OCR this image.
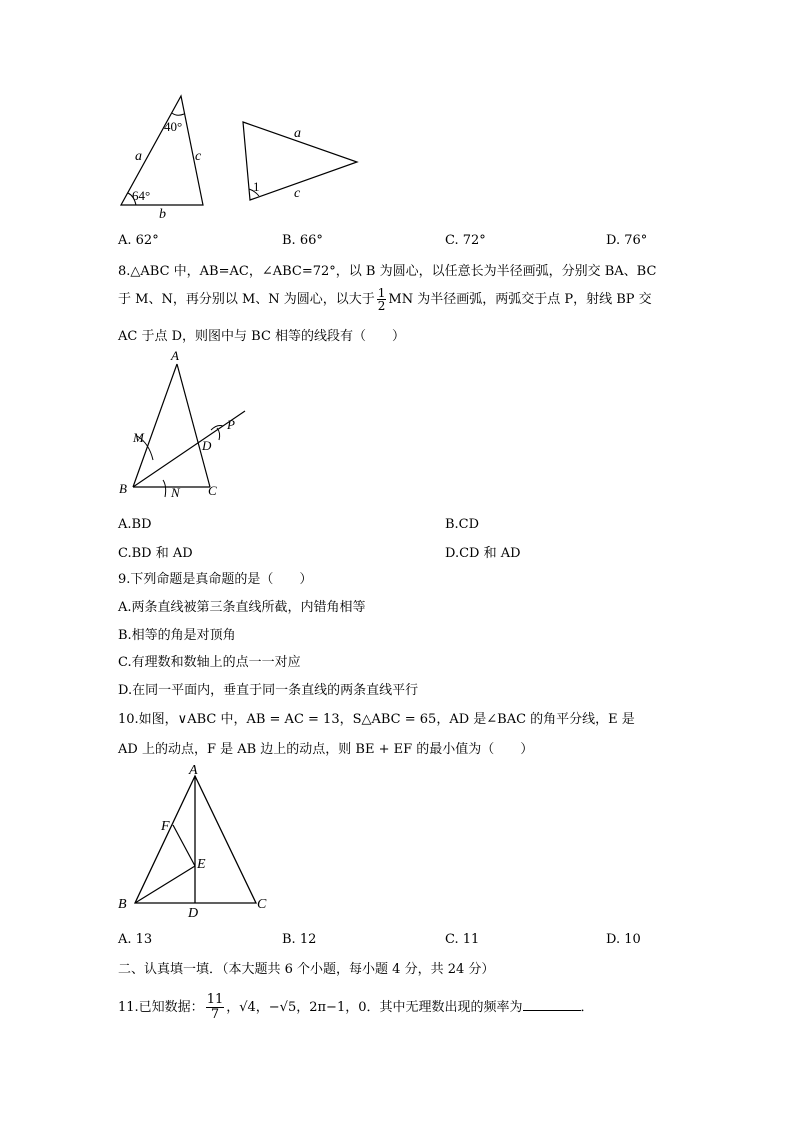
40°
64°
a	c
b
a
c
1
A. 62°	B. 66°	C. 72°	D. 76°
8.△ABC 中，AB=AC，∠ABC=72°，以 B 为圆心，以任意长为半径画弧，分别交 BA、BC
于 M、N，再分别以 M、N 为圆心，以大于 $\frac{1}{2}$ MN 为半径画弧，两弧交于点 P，射线 BP 交
AC 于点 D，则图中与 BC 相等的线段有（　　）
A
B	C
D
M
N
P
A.BD	B.CD
C.BD 和 AD	D.CD 和 AD
9.下列命题是真命题的是（　　）
A.两条直线被第三条直线所截，内错角相等
B.相等的角是对顶角
C.有理数和数轴上的点一一对应
D.在同一平面内，垂直于同一条直线的两条直线平行
10.如图，∨ABC 中，AB = AC = 13，S△ABC = 65，AD 是∠BAC 的角平分线，E 是
AD 上的动点，F 是 AB 边上的动点，则 BE + EF 的最小值为（　　）
A
B	C
D
E
F
A. 13	B. 12	C. 11	D. 10
二、认真填一填．（本大题共 6 个小题，每小题 4 分，共 24 分）
11.已知数据： $\frac{11}{7}$ ，√4，−√5，2π−1，0．其中无理数出现的频率为	．
